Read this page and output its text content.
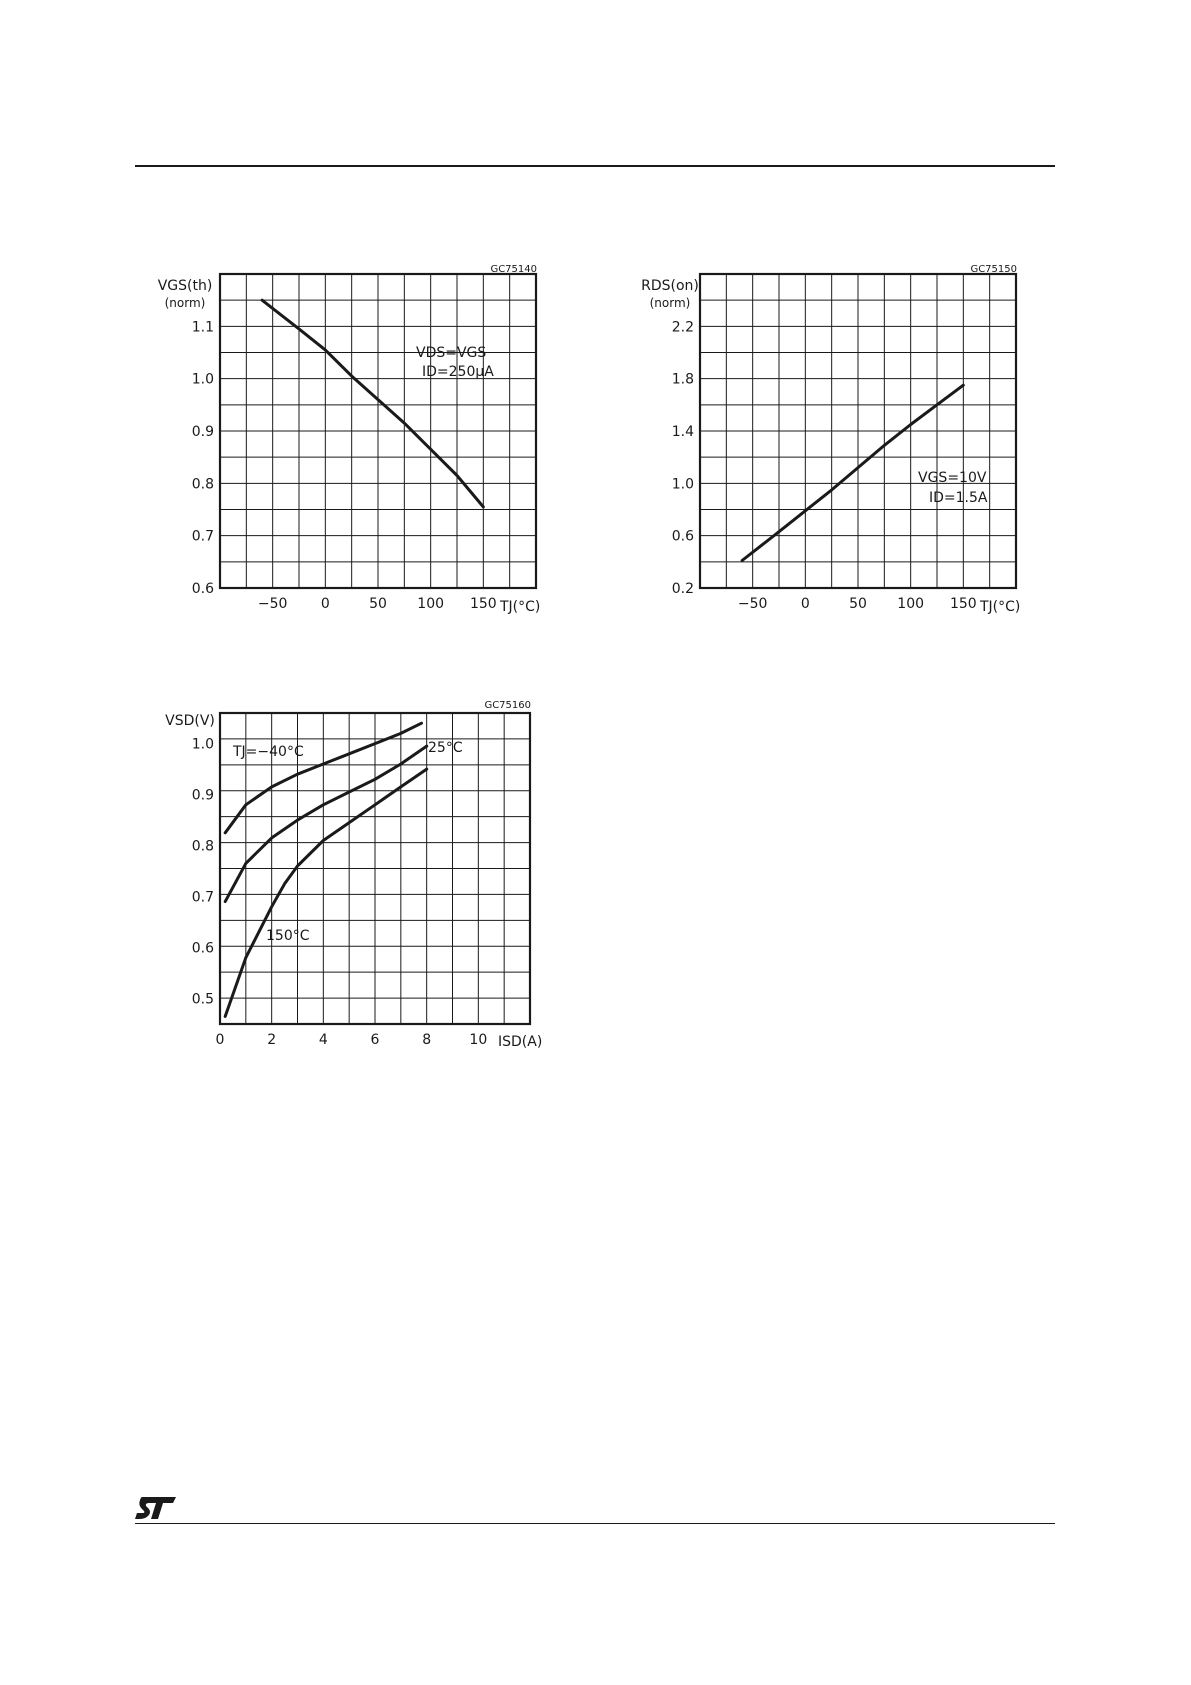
−50 0	50 100 150
0.6
0.7
0.8
0.9
1.0
1.1
GC75140
VGS(th)
(norm)
TJ(°C)
VDS=VGS
ID=250μA
−50 0	50 100 150
0.2
0.6
1.0
1.4
1.8
2.2
GC75150
RDS(on)
(norm)
TJ(°C)
VGS=10V
ID=1.5A
0	2	4	6	8	10
0.5
0.6
0.7
0.8
0.9
1.0
GC75160
VSD(V)
ISD(A)
TJ=−40°C	25°C
150°C
